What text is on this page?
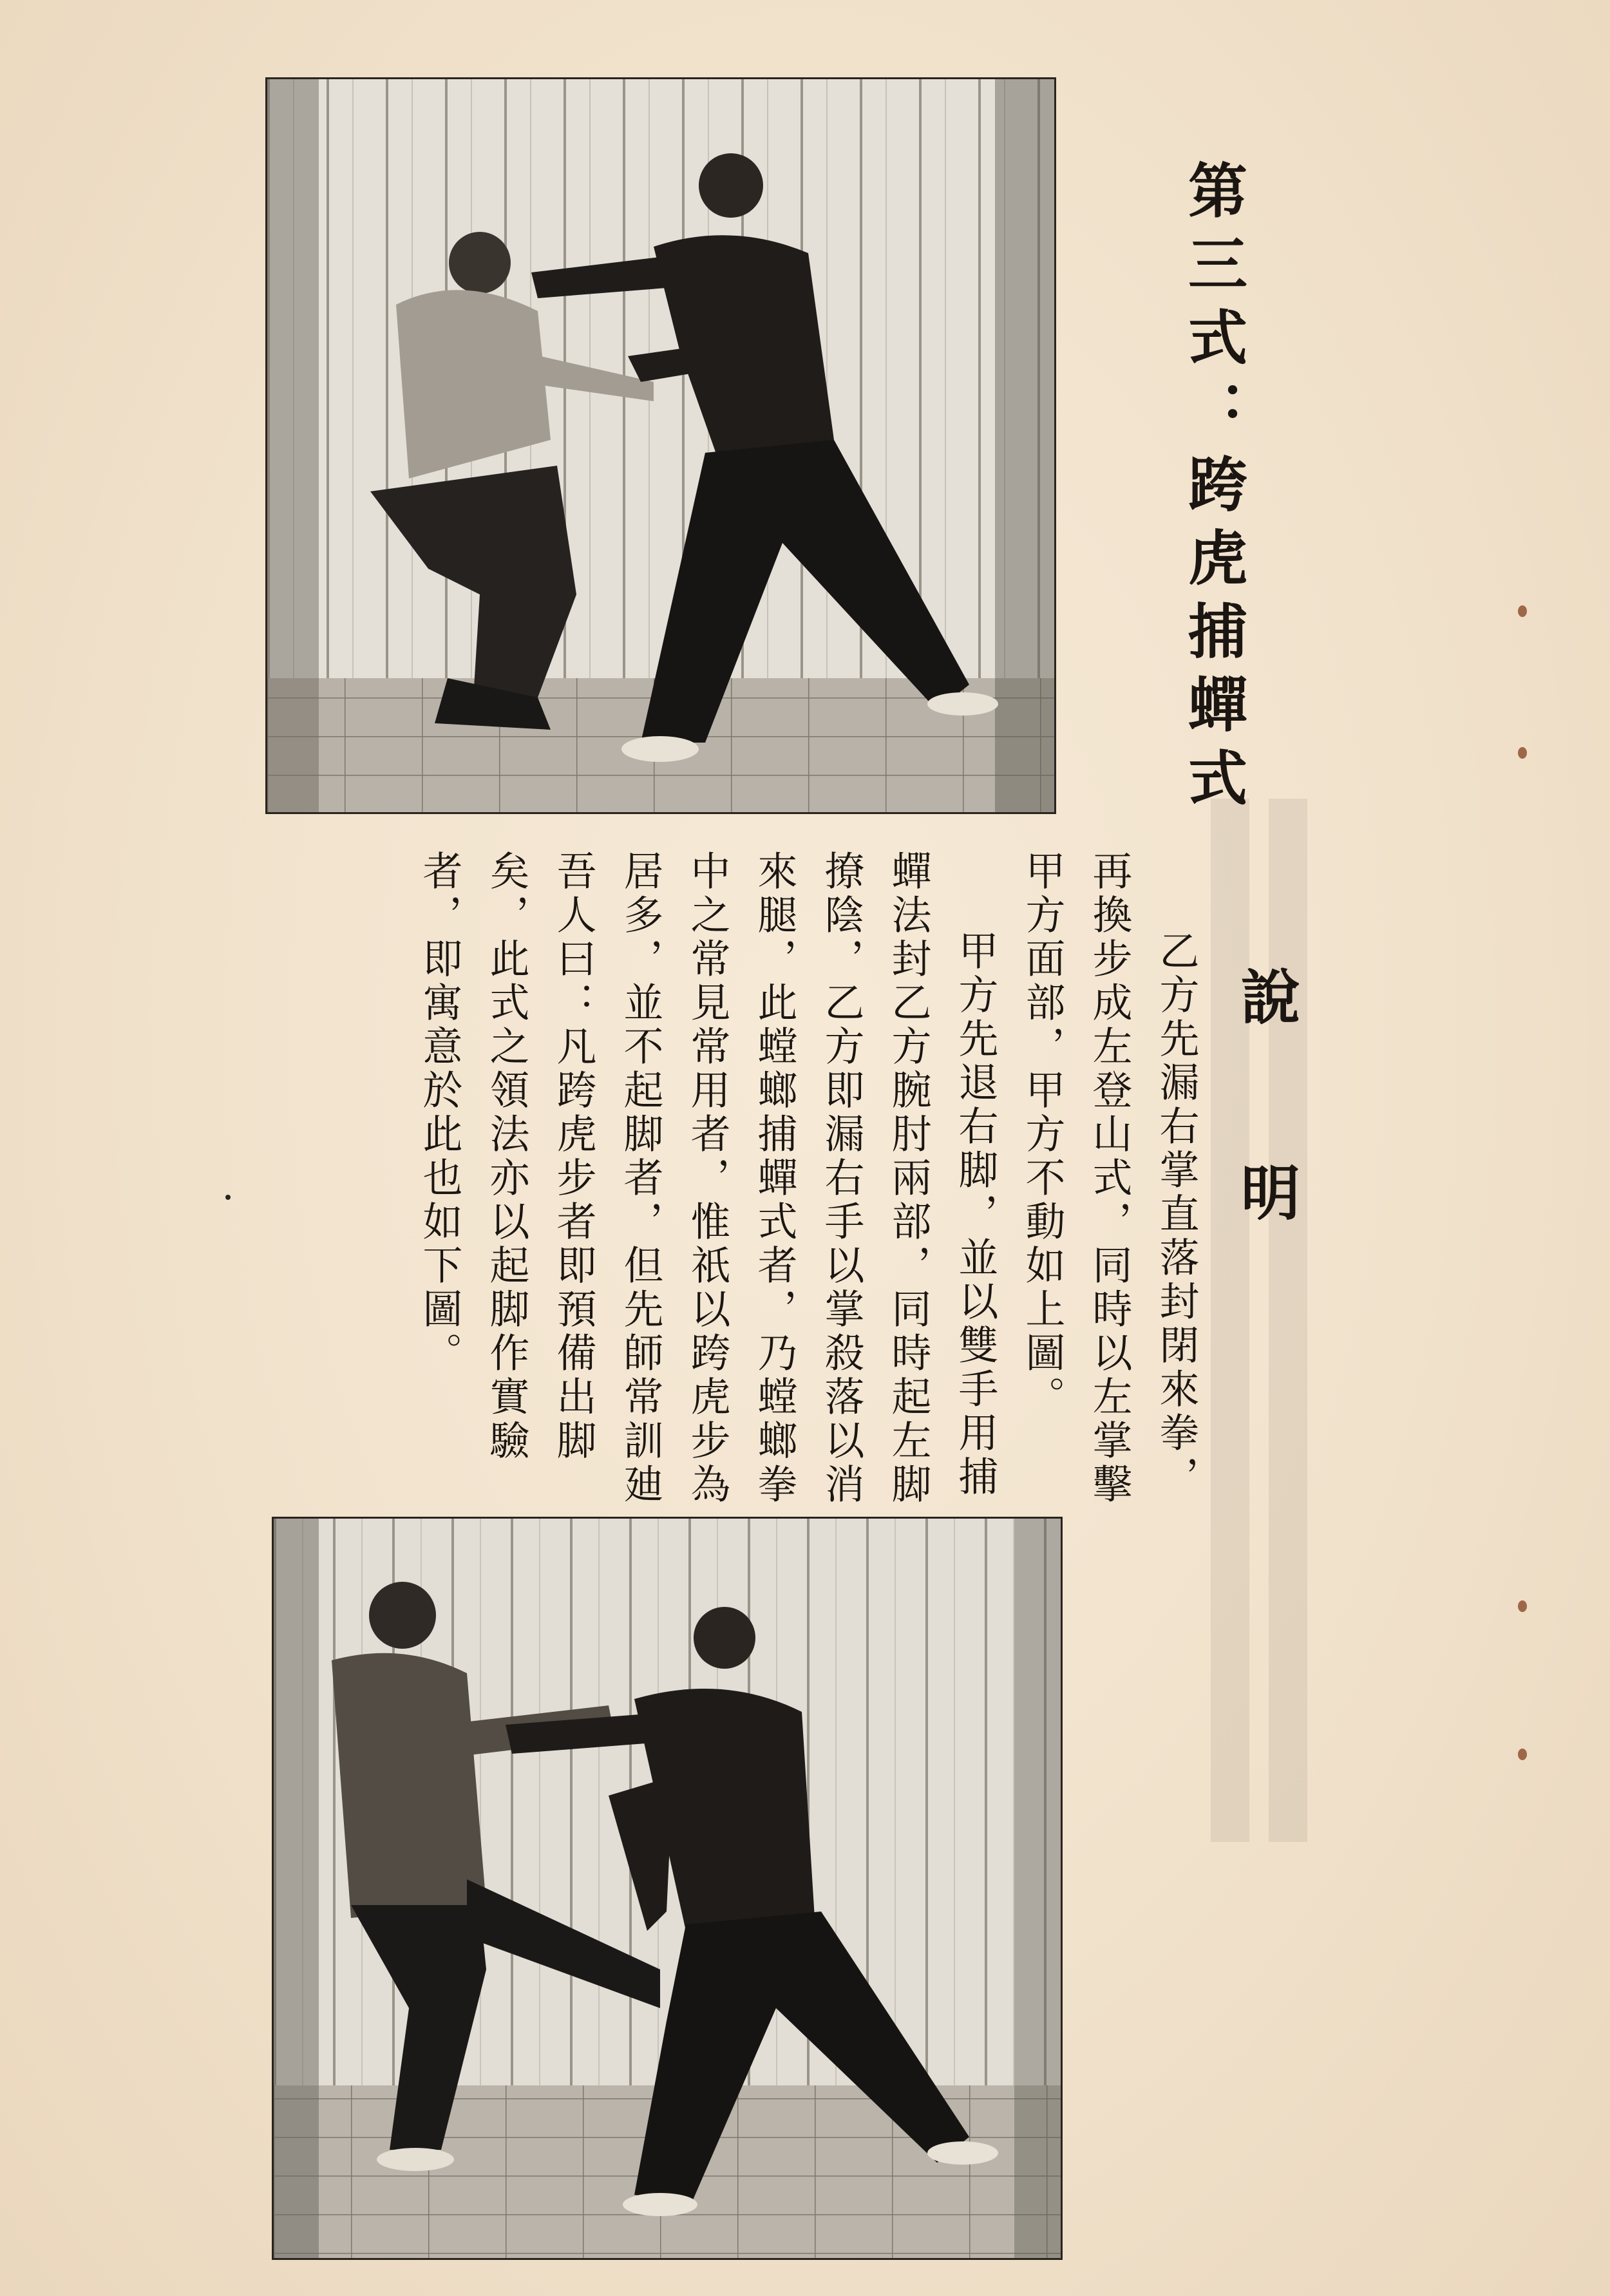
第三式：跨虎捕蟬式
說　明

乙方先漏右掌直落封閉來拳，再換步成左登山式，同時以左掌擊甲方面部，甲方不動如上圖。

甲方先退右脚，並以雙手用捕蟬法封乙方腕肘兩部，同時起左脚撩陰，乙方即漏右手以掌殺落以消來腿，此螳螂捕蟬式者，乃螳螂拳中之常見常用者，惟祇以跨虎步為居多，並不起脚者，但先師常訓廸吾人曰：凡跨虎步者即預備出脚矣，此式之領法亦以起脚作實驗者，即寓意於此也如下圖。
